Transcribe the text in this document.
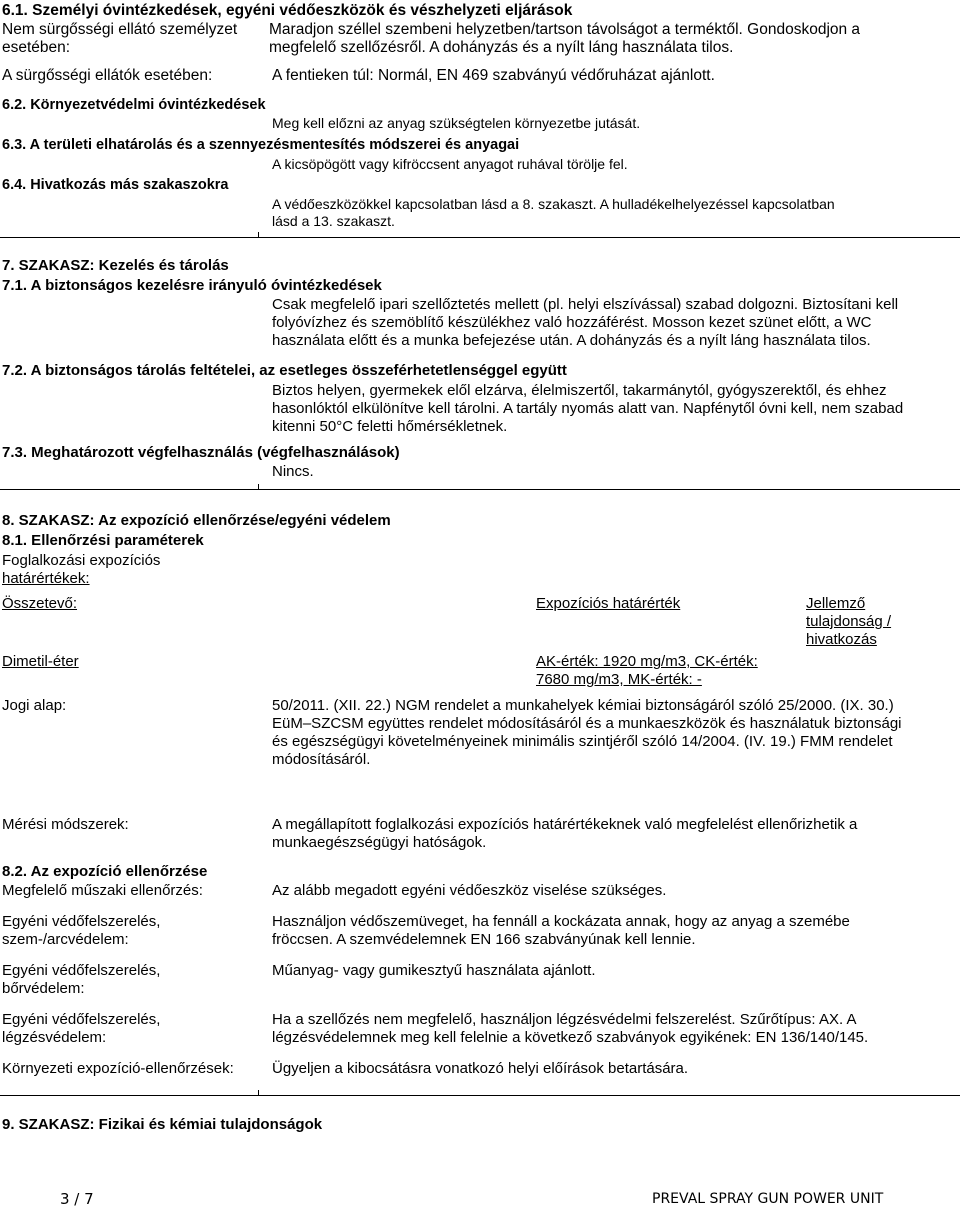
6.1. Személyi óvintézkedések, egyéni védőeszközök és vészhelyzeti eljárások
Nem sürgősségi ellátó személyzet
esetében:
Maradjon széllel szembeni helyzetben/tartson távolságot a terméktől. Gondoskodjon a
megfelelő szellőzésről. A dohányzás és a nyílt láng használata tilos.
A sürgősségi ellátók esetében:	A fentieken túl: Normál, EN 469 szabványú védőruházat ajánlott.
6.2. Környezetvédelmi óvintézkedések
Meg kell előzni az anyag szükségtelen környezetbe jutását.
6.3. A területi elhatárolás és a szennyezésmentesítés módszerei és anyagai
A kicsöpögött vagy kifröccsent anyagot ruhával törölje fel.
6.4. Hivatkozás más szakaszokra
A védőeszközökkel kapcsolatban lásd a 8. szakaszt. A hulladékelhelyezéssel kapcsolatban
lásd a 13. szakaszt.
7. SZAKASZ: Kezelés és tárolás
7.1. A biztonságos kezelésre irányuló óvintézkedések
Csak megfelelő ipari szellőztetés mellett (pl. helyi elszívással) szabad dolgozni. Biztosítani kell
folyóvízhez és szemöblítő készülékhez való hozzáférést. Mosson kezet szünet előtt, a WC
használata előtt és a munka befejezése után. A dohányzás és a nyílt láng használata tilos.
7.2. A biztonságos tárolás feltételei, az esetleges összeférhetetlenséggel együtt
Biztos helyen, gyermekek elől elzárva, élelmiszertől, takarmánytól, gyógyszerektől, és ehhez
hasonlóktól elkülönítve kell tárolni. A tartály nyomás alatt van. Napfénytől óvni kell, nem szabad
kitenni 50°C feletti hőmérsékletnek.
7.3. Meghatározott végfelhasználás (végfelhasználások)
Nincs.
8. SZAKASZ: Az expozíció ellenőrzése/egyéni védelem
8.1. Ellenőrzési paraméterek
Foglalkozási expozíciós
határértékek:
Összetevő:	Expozíciós határérték	Jellemző
tulajdonság /
hivatkozás
Dimetil-éter	AK-érték: 1920 mg/m3, CK-érték:
7680 mg/m3, MK-érték: -
Jogi alap:	50/2011. (XII. 22.) NGM rendelet a munkahelyek kémiai biztonságáról szóló 25/2000. (IX. 30.)
EüM–SZCSM együttes rendelet módosításáról és a munkaeszközök és használatuk biztonsági
és egészségügyi követelményeinek minimális szintjéről szóló 14/2004. (IV. 19.) FMM rendelet
módosításáról.
Mérési módszerek:	A megállapított foglalkozási expozíciós határértékeknek való megfelelést ellenőrizhetik a
munkaegészségügyi hatóságok.
8.2. Az expozíció ellenőrzése
Megfelelő műszaki ellenőrzés:	Az alább megadott egyéni védőeszköz viselése szükséges.
Egyéni védőfelszerelés,
szem-/arcvédelem:
Használjon védőszemüveget, ha fennáll a kockázata annak, hogy az anyag a szemébe
fröccsen. A szemvédelemnek EN 166 szabványúnak kell lennie.
Egyéni védőfelszerelés,
bőrvédelem:
Műanyag- vagy gumikesztyű használata ajánlott.
Egyéni védőfelszerelés,
légzésvédelem:
Ha a szellőzés nem megfelelő, használjon légzésvédelmi felszerelést. Szűrőtípus: AX. A
légzésvédelemnek meg kell felelnie a következő szabványok egyikének: EN 136/140/145.
Környezeti expozíció-ellenőrzések:	Ügyeljen a kibocsátásra vonatkozó helyi előírások betartására.
9. SZAKASZ: Fizikai és kémiai tulajdonságok
3 / 7	PREVAL SPRAY GUN POWER UNIT
